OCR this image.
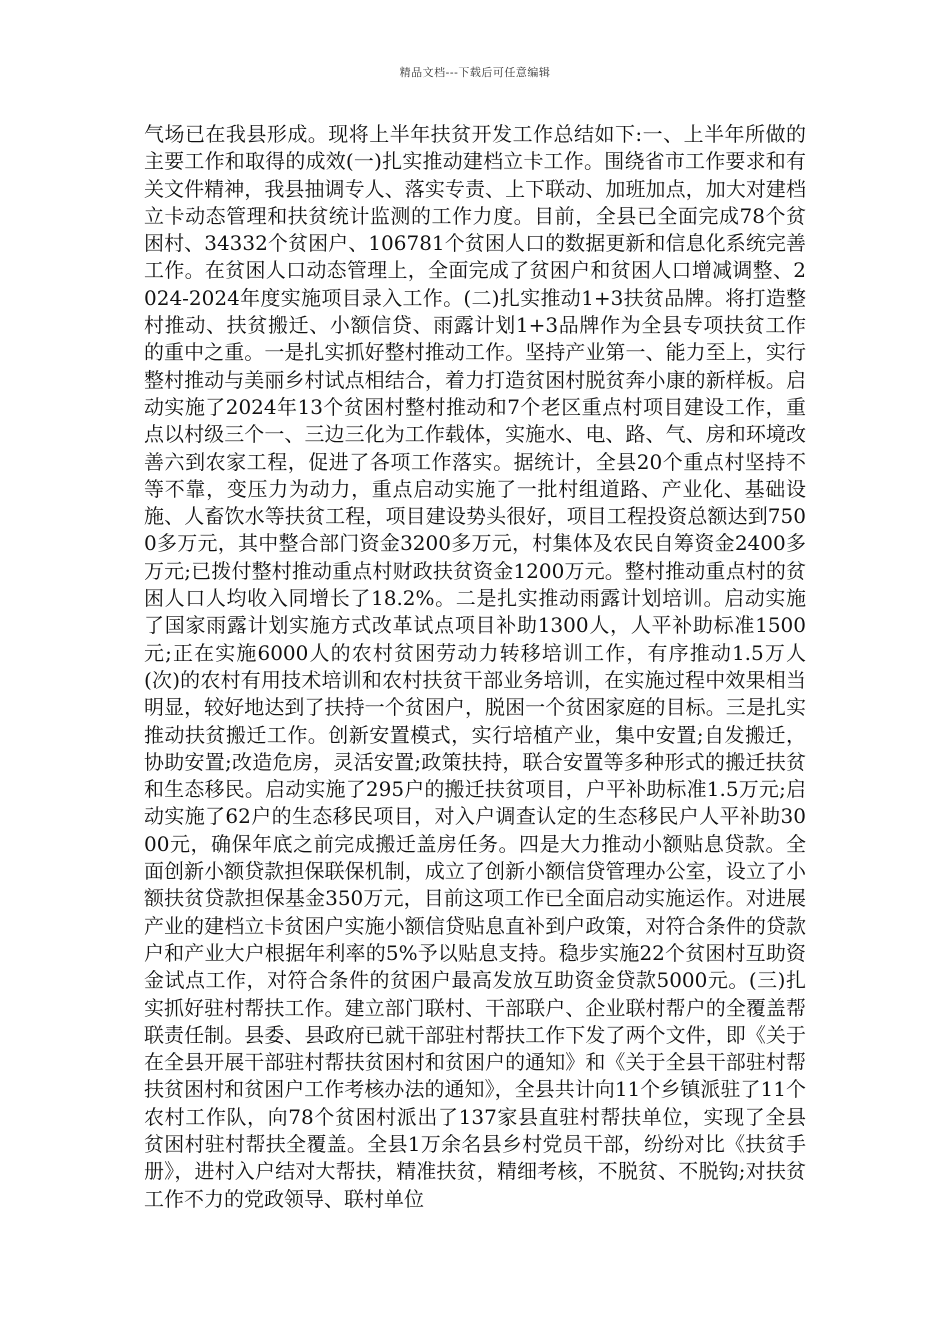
精品文档---下载后可任意编辑

气场已在我县形成。现将上半年扶贫开发工作总结如下:一、上半年所做的主要工作和取得的成效(一)扎实推动建档立卡工作。围绕省市工作要求和有关文件精神，我县抽调专人、落实专责、上下联动、加班加点，加大对建档立卡动态管理和扶贫统计监测的工作力度。目前，全县已全面完成78个贫困村、34332个贫困户、106781个贫困人口的数据更新和信息化系统完善工作。在贫困人口动态管理上，全面完成了贫困户和贫困人口增减调整、2024-2024年度实施项目录入工作。(二)扎实推动1+3扶贫品牌。将打造整村推动、扶贫搬迁、小额信贷、雨露计划1+3品牌作为全县专项扶贫工作的重中之重。一是扎实抓好整村推动工作。坚持产业第一、能力至上，实行整村推动与美丽乡村试点相结合，着力打造贫困村脱贫奔小康的新样板。启动实施了2024年13个贫困村整村推动和7个老区重点村项目建设工作，重点以村级三个一、三边三化为工作载体，实施水、电、路、气、房和环境改善六到农家工程，促进了各项工作落实。据统计，全县20个重点村坚持不等不靠，变压力为动力，重点启动实施了一批村组道路、产业化、基础设施、人畜饮水等扶贫工程，项目建设势头很好，项目工程投资总额达到7500多万元，其中整合部门资金3200多万元，村集体及农民自筹资金2400多万元;已拨付整村推动重点村财政扶贫资金1200万元。整村推动重点村的贫困人口人均收入同增长了18.2%。二是扎实推动雨露计划培训。启动实施了国家雨露计划实施方式改革试点项目补助1300人，人平补助标准1500元;正在实施6000人的农村贫困劳动力转移培训工作，有序推动1.5万人(次)的农村有用技术培训和农村扶贫干部业务培训，在实施过程中效果相当明显，较好地达到了扶持一个贫困户，脱困一个贫困家庭的目标。三是扎实推动扶贫搬迁工作。创新安置模式，实行培植产业，集中安置;自发搬迁，协助安置;改造危房，灵活安置;政策扶持，联合安置等多种形式的搬迁扶贫和生态移民。启动实施了295户的搬迁扶贫项目，户平补助标准1.5万元;启动实施了62户的生态移民项目，对入户调查认定的生态移民户人平补助3000元，确保年底之前完成搬迁盖房任务。四是大力推动小额贴息贷款。全面创新小额贷款担保联保机制，成立了创新小额信贷管理办公室，设立了小额扶贫贷款担保基金350万元，目前这项工作已全面启动实施运作。对进展产业的建档立卡贫困户实施小额信贷贴息直补到户政策，对符合条件的贷款户和产业大户根据年利率的5%予以贴息支持。稳步实施22个贫困村互助资金试点工作，对符合条件的贫困户最高发放互助资金贷款5000元。(三)扎实抓好驻村帮扶工作。建立部门联村、干部联户、企业联村帮户的全覆盖帮联责任制。县委、县政府已就干部驻村帮扶工作下发了两个文件，即《关于在全县开展干部驻村帮扶贫困村和贫困户的通知》和《关于全县干部驻村帮扶贫困村和贫困户工作考核办法的通知》，全县共计向11个乡镇派驻了11个农村工作队，向78个贫困村派出了137家县直驻村帮扶单位，实现了全县贫困村驻村帮扶全覆盖。全县1万余名县乡村党员干部，纷纷对比《扶贫手册》，进村入户结对大帮扶，精准扶贫，精细考核，不脱贫、不脱钩;对扶贫工作不力的党政领导、联村单位
